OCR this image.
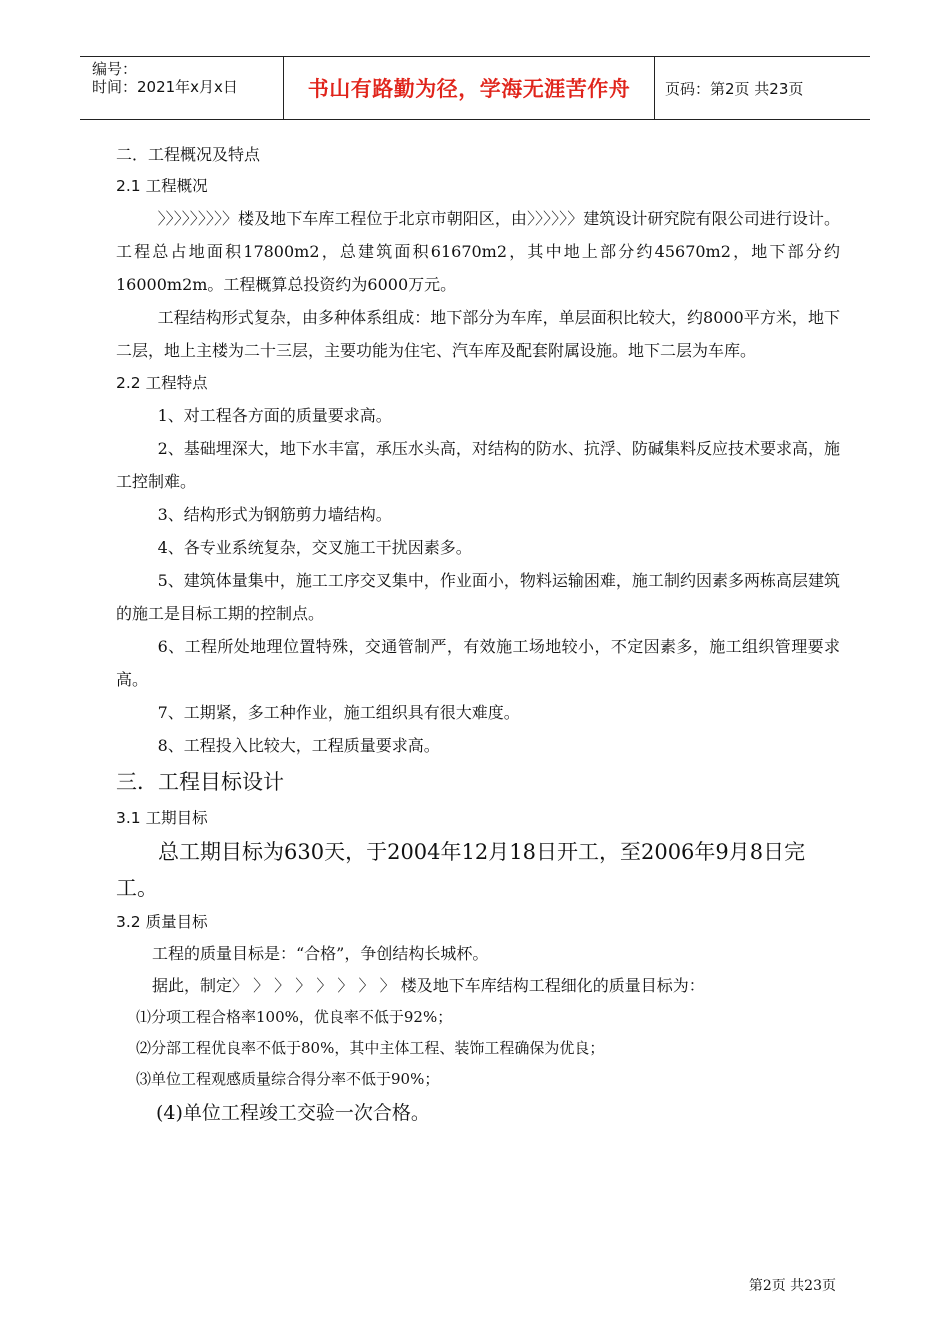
编号：
时间：2021年x月x日	书山有路勤为径，学海无涯苦作舟	页码：第2页 共23页
二．工程概况及特点
2.1 工程概况
〉〉〉〉〉〉〉〉〉楼及地下车库工程位于北京市朝阳区，由〉〉〉〉〉〉建筑设计研究院有限公司进行设计。工程总占地面积17800m2，总建筑面积61670m2，其中地上部分约45670m2，地下部分约16000m2m。工程概算总投资约为6000万元。
工程结构形式复杂，由多种体系组成：地下部分为车库，单层面积比较大，约8000平方米，地下二层，地上主楼为二十三层，主要功能为住宅、汽车库及配套附属设施。地下二层为车库。
2.2 工程特点
1、对工程各方面的质量要求高。
2、基础埋深大，地下水丰富，承压水头高，对结构的防水、抗浮、防碱集料反应技术要求高，施工控制难。
3、结构形式为钢筋剪力墙结构。
4、各专业系统复杂，交叉施工干扰因素多。
5、建筑体量集中，施工工序交叉集中，作业面小，物料运输困难，施工制约因素多两栋高层建筑的施工是目标工期的控制点。
6、工程所处地理位置特殊，交通管制严，有效施工场地较小，不定因素多，施工组织管理要求高。
7、工期紧，多工种作业，施工组织具有很大难度。
8、工程投入比较大，工程质量要求高。
三．工程目标设计
3.1 工期目标
总工期目标为630天，于2004年12月18日开工，至2006年9月8日完工。
3.2 质量目标
工程的质量目标是：“合格”，争创结构长城杯。
据此，制定〉 〉 〉 〉 〉 〉 〉 〉 楼及地下车库结构工程细化的质量目标为：
⑴分项工程合格率100%，优良率不低于92%；
⑵分部工程优良率不低于80%，其中主体工程、装饰工程确保为优良；
⑶单位工程观感质量综合得分率不低于90%；
(4)单位工程竣工交验一次合格。
第2页 共23页
